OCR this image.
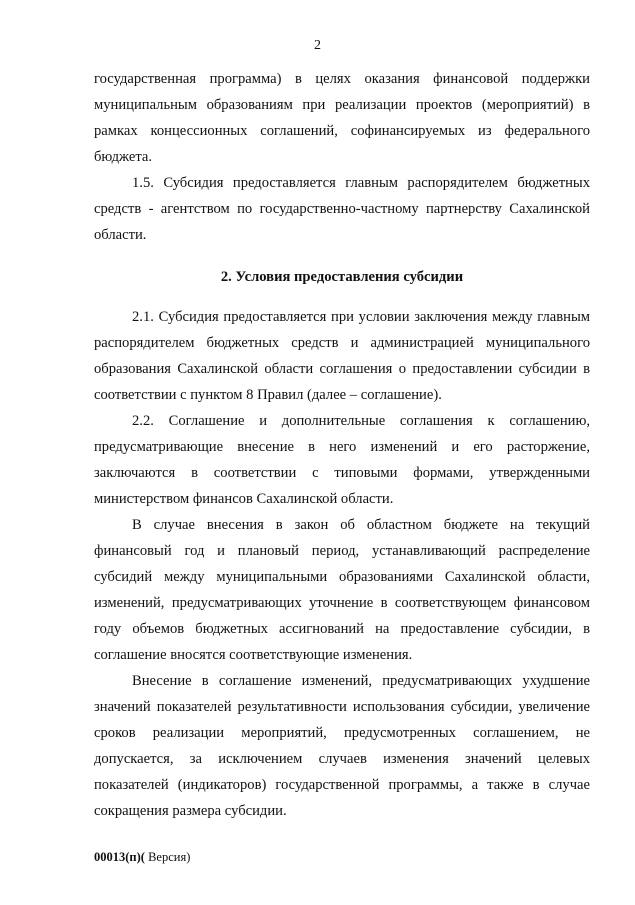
2

государственная программа) в целях оказания финансовой поддержки муниципальным образованиям при реализации проектов (мероприятий) в рамках концессионных соглашений, софинансируемых из федерального бюджета.

1.5. Субсидия предоставляется главным распорядителем бюджетных средств - агентством по государственно-частному партнерству Сахалинской области.

2. Условия предоставления субсидии

2.1. Субсидия предоставляется при условии заключения между главным распорядителем бюджетных средств и администрацией муниципального образования Сахалинской области соглашения о предоставлении субсидии в соответствии с пунктом 8 Правил (далее – соглашение).

2.2. Соглашение и дополнительные соглашения к соглашению, предусматривающие внесение в него изменений и его расторжение, заключаются в соответствии с типовыми формами, утвержденными министерством финансов Сахалинской области.

В случае внесения в закон об областном бюджете на текущий финансовый год и плановый период, устанавливающий распределение субсидий между муниципальными образованиями Сахалинской области, изменений, предусматривающих уточнение в соответствующем финансовом году объемов бюджетных ассигнований на предоставление субсидии, в соглашение вносятся соответствующие изменения.

Внесение в соглашение изменений, предусматривающих ухудшение значений показателей результативности использования субсидии, увеличение сроков реализации мероприятий, предусмотренных соглашением, не допускается, за исключением случаев изменения значений целевых показателей (индикаторов) государственной программы, а также в случае сокращения размера субсидии.

00013(п)( Версия)
